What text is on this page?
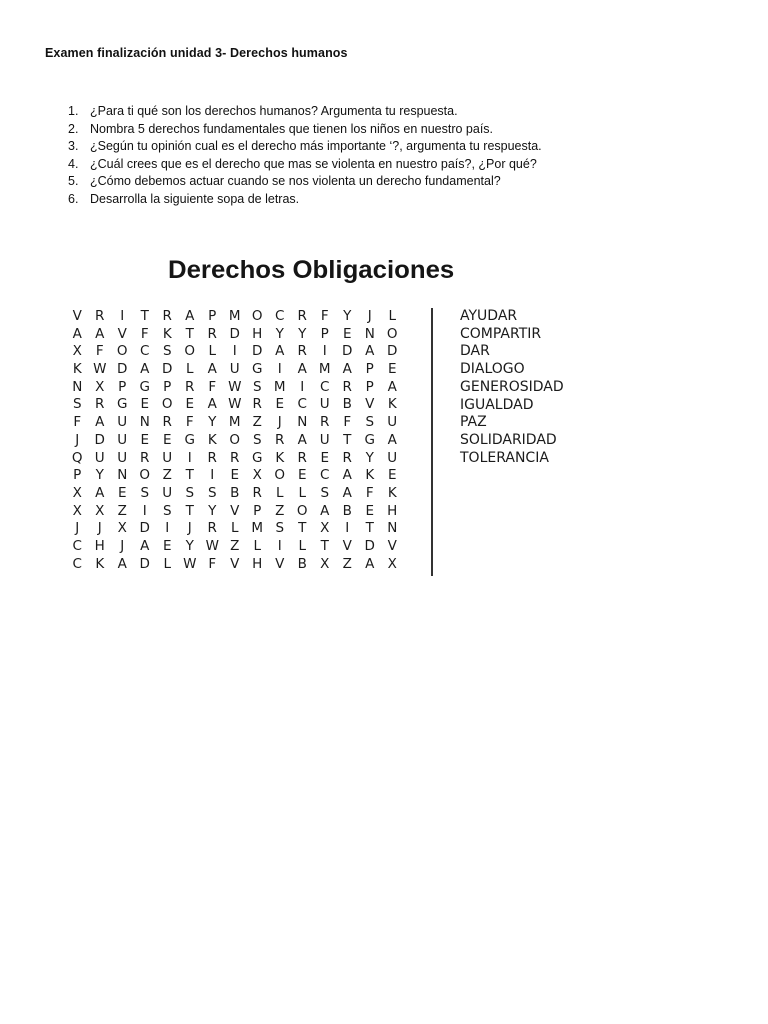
Examen finalización unidad 3- Derechos humanos
1. ¿Para ti qué son los derechos humanos? Argumenta tu respuesta.
2. Nombra 5 derechos fundamentales que tienen los niños en nuestro país.
3. ¿Según tu opinión cual es el derecho más importante ‘?, argumenta tu respuesta.
4. ¿Cuál crees que es el derecho que mas se violenta en nuestro país?, ¿Por qué?
5. ¿Cómo debemos actuar cuando se nos violenta un derecho fundamental?
6. Desarrolla la siguiente sopa de letras.
Derechos Obligaciones
V R	I	T	R A	P M O C R	F	Y	J	L
A A V	F	K	T	R D H Y	Y	P	E N O
X	F O C S O L	I	D A R	I	D A D
K W D A D	L	A U G	I	A M A	P	E
N X	P G P	R	F W S M	I	C R	P	A
S	R G E O E	A W R	E	C U B V K
F	A U N R	F	Y M Z	J	N R	F	S U
J	D U E	E G K O S	R A U T G A
Q U U R U	I	R R G K R	E	R	Y U
P	Y N O Z	T	I	E	X O E	C A K	E
X A	E	S U S	S	B R	L	L	S	A	F	K
X X Z	I	S	T	Y	V	P	Z O A B	E H
J	J	X D	I	J	R	L M S	T	X	I	T N
C H	J	A	E	Y W Z	L	I	L	T	V D V
C K A D	L W F	V H V B X Z A X
AYUDAR
COMPARTIR
DAR
DIALOGO
GENEROSIDAD
IGUALDAD
PAZ
SOLIDARIDAD
TOLERANCIA
